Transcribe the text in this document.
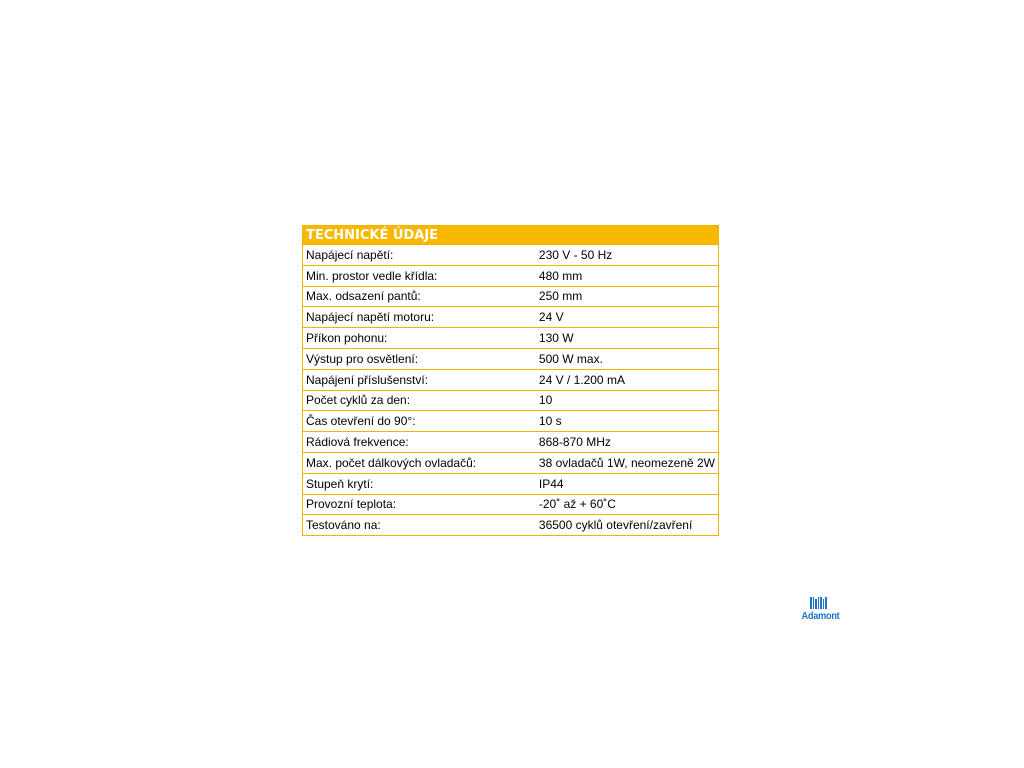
TECHNICKÉ ÚDAJE	
Napájecí napětí:	230 V - 50 Hz
Min. prostor vedle křídla:	480 mm
Max. odsazení pantů:	250 mm
Napájecí napětí motoru:	24 V
Příkon pohonu:	130 W
Výstup pro osvětlení:	500 W max.
Napájení příslušenství:	24 V / 1.200 mA
Počet cyklů za den:	10
Čas otevření do 90°:	10 s
Rádiová frekvence:	868-870 MHz
Max. počet dálkových ovladačů:	38 ovladačů 1W, neomezeně 2W
Stupeň krytí:	IP44
Provozní teplota:	-20˚ až + 60˚C
Testováno na:	36500 cyklů otevření/zavření
Adamont
